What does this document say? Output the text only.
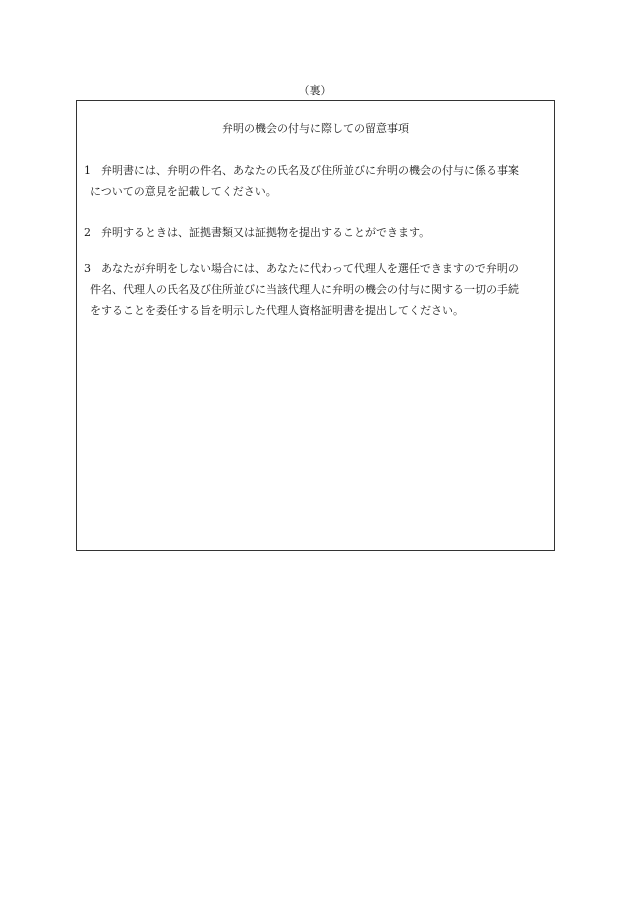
（裏）
弁明の機会の付与に際しての留意事項
1 弁明書には、弁明の件名、あなたの氏名及び住所並びに弁明の機会の付与に係る事案
についての意見を記載してください。
2 弁明するときは、証拠書類又は証拠物を提出することができます。
3 あなたが弁明をしない場合には、あなたに代わって代理人を選任できますので弁明の
件名、代理人の氏名及び住所並びに当該代理人に弁明の機会の付与に関する一切の手続
をすることを委任する旨を明示した代理人資格証明書を提出してください。
